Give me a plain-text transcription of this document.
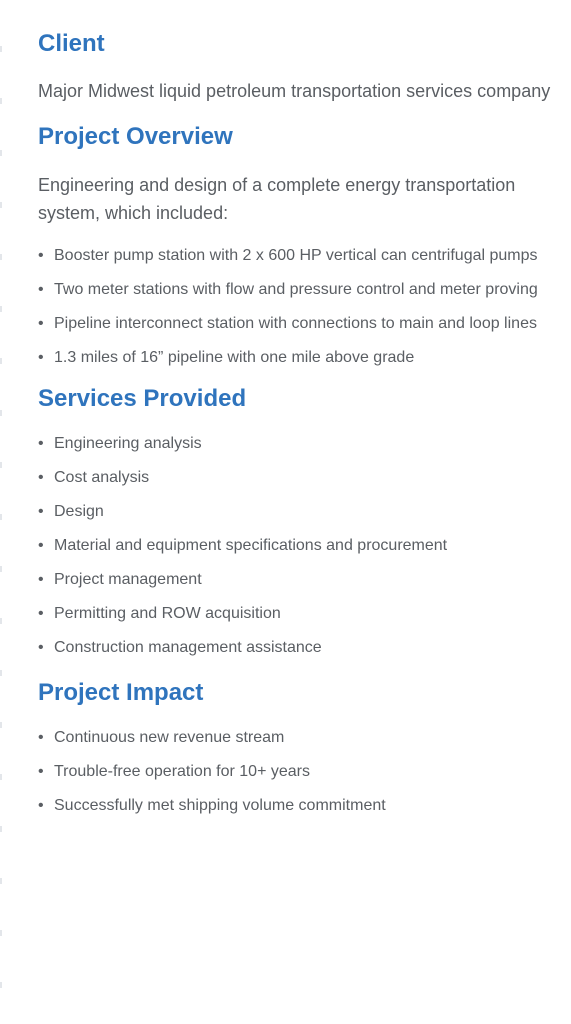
Client

Major Midwest liquid petroleum transportation services company

Project Overview

Engineering and design of a complete energy transportation system, which included:

• Booster pump station with 2 x 600 HP vertical can centrifugal pumps
• Two meter stations with flow and pressure control and meter proving
• Pipeline interconnect station with connections to main and loop lines
• 1.3 miles of 16” pipeline with one mile above grade
Services Provided
• Engineering analysis
• Cost analysis
• Design
• Material and equipment specifications and procurement
• Project management
• Permitting and ROW acquisition
• Construction management assistance
Project Impact
• Continuous new revenue stream
• Trouble-free operation for 10+ years
• Successfully met shipping volume commitment
